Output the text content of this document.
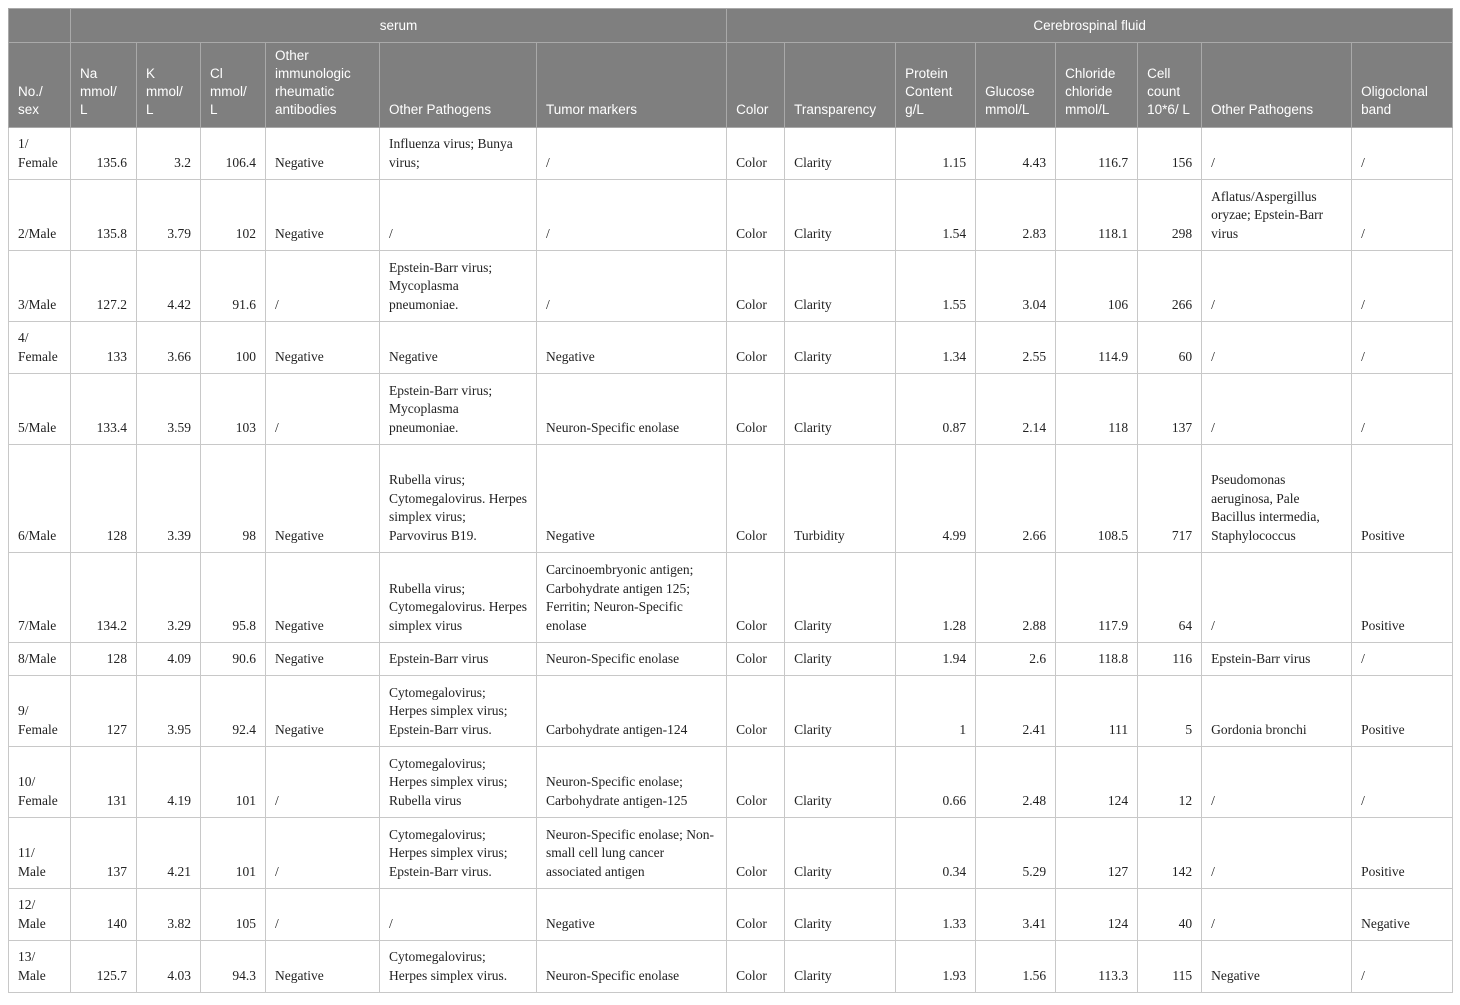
	serum						Cerebrospinal fluid							
No./ sex	Na mmol/ L	K mmol/ L	Cl mmol/ L	Other immunologic rheumatic antibodies	Other Pathogens	Tumor markers	Color	Transparency	Protein Content g/L	Glucose mmol/L	Chloride chloride mmol/L	Cell count 10*6/ L	Other Pathogens	Oligoclonal band
1/ Female	135.6	3.2	106.4	Negative	Influenza virus; Bunya virus;	/	Color	Clarity	1.15	4.43	116.7	156	/	/
2/Male	135.8	3.79	102	Negative	/	/	Color	Clarity	1.54	2.83	118.1	298	Aflatus/Aspergillus oryzae; Epstein-Barr virus	/
3/Male	127.2	4.42	91.6	/	Epstein-Barr virus; Mycoplasma pneumoniae.	/	Color	Clarity	1.55	3.04	106	266	/	/
4/ Female	133	3.66	100	Negative	Negative	Negative	Color	Clarity	1.34	2.55	114.9	60	/	/
5/Male	133.4	3.59	103	/	Epstein-Barr virus; Mycoplasma pneumoniae.	Neuron-Specific enolase	Color	Clarity	0.87	2.14	118	137	/	/
6/Male	128	3.39	98	Negative	Rubella virus; Cytomegalovirus. Herpes simplex virus; Parvovirus B19.	Negative	Color	Turbidity	4.99	2.66	108.5	717	Pseudomonas aeruginosa, Pale Bacillus intermedia, Staphylococcus	Positive
7/Male	134.2	3.29	95.8	Negative	Rubella virus; Cytomegalovirus. Herpes simplex virus	Carcinoembryonic antigen; Carbohydrate antigen 125; Ferritin; Neuron-Specific enolase	Color	Clarity	1.28	2.88	117.9	64	/	Positive
8/Male	128	4.09	90.6	Negative	Epstein-Barr virus	Neuron-Specific enolase	Color	Clarity	1.94	2.6	118.8	116	Epstein-Barr virus	/
9/ Female	127	3.95	92.4	Negative	Cytomegalovirus; Herpes simplex virus; Epstein-Barr virus.	Carbohydrate antigen-124	Color	Clarity	1	2.41	111	5	Gordonia bronchi	Positive
10/ Female	131	4.19	101	/	Cytomegalovirus; Herpes simplex virus; Rubella virus	Neuron-Specific enolase; Carbohydrate antigen-125	Color	Clarity	0.66	2.48	124	12	/	/
11/ Male	137	4.21	101	/	Cytomegalovirus; Herpes simplex virus; Epstein-Barr virus.	Neuron-Specific enolase; Non-small cell lung cancer associated antigen	Color	Clarity	0.34	5.29	127	142	/	Positive
12/ Male	140	3.82	105	/	/	Negative	Color	Clarity	1.33	3.41	124	40	/	Negative
13/ Male	125.7	4.03	94.3	Negative	Cytomegalovirus; Herpes simplex virus.	Neuron-Specific enolase	Color	Clarity	1.93	1.56	113.3	115	Negative	/
